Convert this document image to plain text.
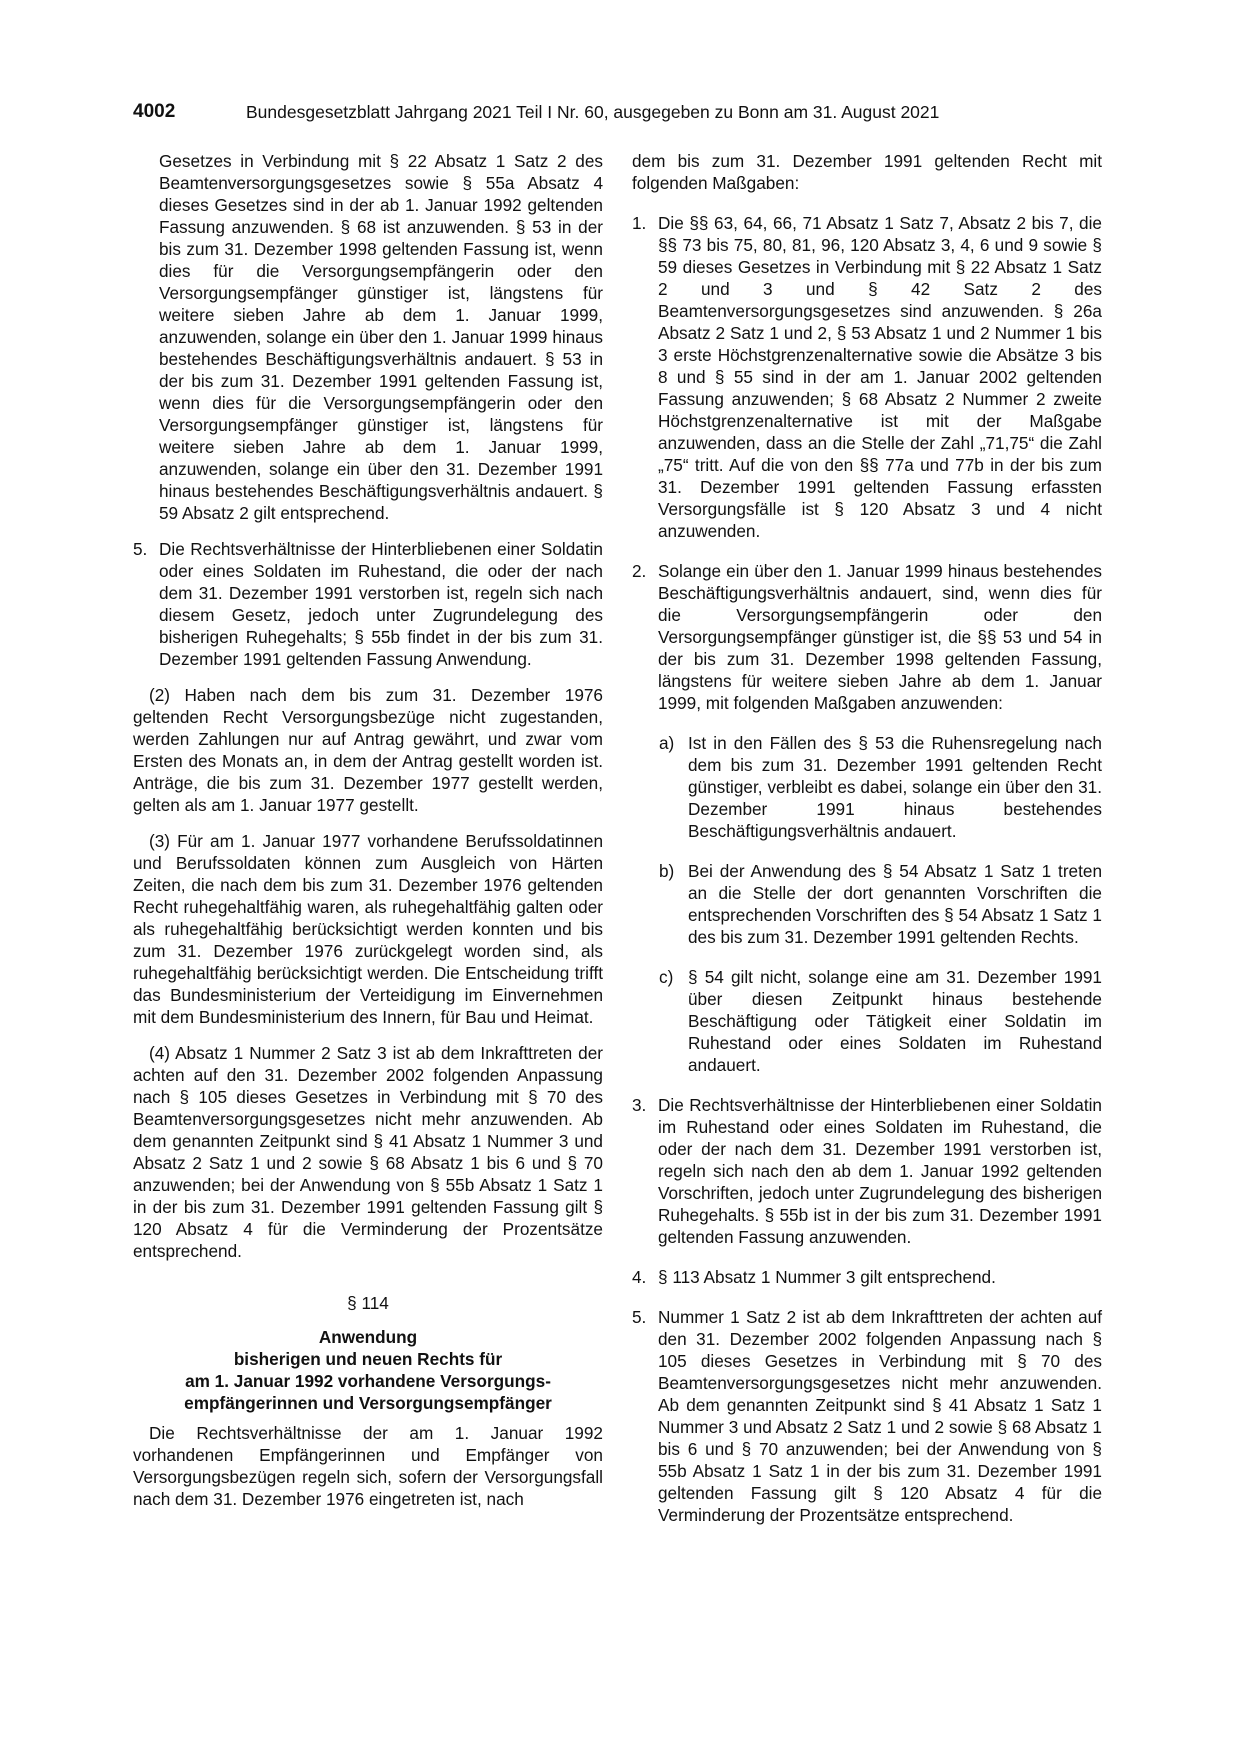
4002	Bundesgesetzblatt Jahrgang 2021 Teil I Nr. 60, ausgegeben zu Bonn am 31. August 2021

Gesetzes in Verbindung mit § 22 Absatz 1 Satz 2 des Beamtenversorgungsgesetzes sowie § 55a Absatz 4 dieses Gesetzes sind in der ab 1. Januar 1992 geltenden Fassung anzuwenden. § 68 ist anzuwenden. § 53 in der bis zum 31. Dezember 1998 geltenden Fassung ist, wenn dies für die Versorgungsempfängerin oder den Versorgungsempfänger günstiger ist, längstens für weitere sieben Jahre ab dem 1. Januar 1999, anzuwenden, solange ein über den 1. Januar 1999 hinaus bestehendes Beschäftigungsverhältnis andauert. § 53 in der bis zum 31. Dezember 1991 geltenden Fassung ist, wenn dies für die Versorgungsempfängerin oder den Versorgungsempfänger günstiger ist, längstens für weitere sieben Jahre ab dem 1. Januar 1999, anzuwenden, solange ein über den 31. Dezember 1991 hinaus bestehendes Beschäftigungsverhältnis andauert. § 59 Absatz 2 gilt entsprechend.

5. Die Rechtsverhältnisse der Hinterbliebenen einer Soldatin oder eines Soldaten im Ruhestand, die oder der nach dem 31. Dezember 1991 verstorben ist, regeln sich nach diesem Gesetz, jedoch unter Zugrundelegung des bisherigen Ruhegehalts; § 55b findet in der bis zum 31. Dezember 1991 geltenden Fassung Anwendung.

(2) Haben nach dem bis zum 31. Dezember 1976 geltenden Recht Versorgungsbezüge nicht zugestanden, werden Zahlungen nur auf Antrag gewährt, und zwar vom Ersten des Monats an, in dem der Antrag gestellt worden ist. Anträge, die bis zum 31. Dezember 1977 gestellt werden, gelten als am 1. Januar 1977 gestellt.

(3) Für am 1. Januar 1977 vorhandene Berufssoldatinnen und Berufssoldaten können zum Ausgleich von Härten Zeiten, die nach dem bis zum 31. Dezember 1976 geltenden Recht ruhegehaltfähig waren, als ruhegehaltfähig galten oder als ruhegehaltfähig berücksichtigt werden konnten und bis zum 31. Dezember 1976 zurückgelegt worden sind, als ruhegehaltfähig berücksichtigt werden. Die Entscheidung trifft das Bundesministerium der Verteidigung im Einvernehmen mit dem Bundesministerium des Innern, für Bau und Heimat.

(4) Absatz 1 Nummer 2 Satz 3 ist ab dem Inkrafttreten der achten auf den 31. Dezember 2002 folgenden Anpassung nach § 105 dieses Gesetzes in Verbindung mit § 70 des Beamtenversorgungsgesetzes nicht mehr anzuwenden. Ab dem genannten Zeitpunkt sind § 41 Absatz 1 Nummer 3 und Absatz 2 Satz 1 und 2 sowie § 68 Absatz 1 bis 6 und § 70 anzuwenden; bei der Anwendung von § 55b Absatz 1 Satz 1 in der bis zum 31. Dezember 1991 geltenden Fassung gilt § 120 Absatz 4 für die Verminderung der Prozentsätze entsprechend.

§ 114
Anwendung
bisherigen und neuen Rechts für
am 1. Januar 1992 vorhandene Versorgungs-
empfängerinnen und Versorgungsempfänger

Die Rechtsverhältnisse der am 1. Januar 1992 vorhandenen Empfängerinnen und Empfänger von Versorgungsbezügen regeln sich, sofern der Versorgungsfall nach dem 31. Dezember 1976 eingetreten ist, nach

dem bis zum 31. Dezember 1991 geltenden Recht mit folgenden Maßgaben:

1. Die §§ 63, 64, 66, 71 Absatz 1 Satz 7, Absatz 2 bis 7, die §§ 73 bis 75, 80, 81, 96, 120 Absatz 3, 4, 6 und 9 sowie § 59 dieses Gesetzes in Verbindung mit § 22 Absatz 1 Satz 2 und 3 und § 42 Satz 2 des Beamtenversorgungsgesetzes sind anzuwenden. § 26a Absatz 2 Satz 1 und 2, § 53 Absatz 1 und 2 Nummer 1 bis 3 erste Höchstgrenzenalternative sowie die Absätze 3 bis 8 und § 55 sind in der am 1. Januar 2002 geltenden Fassung anzuwenden; § 68 Absatz 2 Nummer 2 zweite Höchstgrenzenalternative ist mit der Maßgabe anzuwenden, dass an die Stelle der Zahl „71,75“ die Zahl „75“ tritt. Auf die von den §§ 77a und 77b in der bis zum 31. Dezember 1991 geltenden Fassung erfassten Versorgungsfälle ist § 120 Absatz 3 und 4 nicht anzuwenden.

2. Solange ein über den 1. Januar 1999 hinaus bestehendes Beschäftigungsverhältnis andauert, sind, wenn dies für die Versorgungsempfängerin oder den Versorgungsempfänger günstiger ist, die §§ 53 und 54 in der bis zum 31. Dezember 1998 geltenden Fassung, längstens für weitere sieben Jahre ab dem 1. Januar 1999, mit folgenden Maßgaben anzuwenden:

a) Ist in den Fällen des § 53 die Ruhensregelung nach dem bis zum 31. Dezember 1991 geltenden Recht günstiger, verbleibt es dabei, solange ein über den 31. Dezember 1991 hinaus bestehendes Beschäftigungsverhältnis andauert.

b) Bei der Anwendung des § 54 Absatz 1 Satz 1 treten an die Stelle der dort genannten Vorschriften die entsprechenden Vorschriften des § 54 Absatz 1 Satz 1 des bis zum 31. Dezember 1991 geltenden Rechts.

c) § 54 gilt nicht, solange eine am 31. Dezember 1991 über diesen Zeitpunkt hinaus bestehende Beschäftigung oder Tätigkeit einer Soldatin im Ruhestand oder eines Soldaten im Ruhestand andauert.

3. Die Rechtsverhältnisse der Hinterbliebenen einer Soldatin im Ruhestand oder eines Soldaten im Ruhestand, die oder der nach dem 31. Dezember 1991 verstorben ist, regeln sich nach den ab dem 1. Januar 1992 geltenden Vorschriften, jedoch unter Zugrundelegung des bisherigen Ruhegehalts. § 55b ist in der bis zum 31. Dezember 1991 geltenden Fassung anzuwenden.

4. § 113 Absatz 1 Nummer 3 gilt entsprechend.

5. Nummer 1 Satz 2 ist ab dem Inkrafttreten der achten auf den 31. Dezember 2002 folgenden Anpassung nach § 105 dieses Gesetzes in Verbindung mit § 70 des Beamtenversorgungsgesetzes nicht mehr anzuwenden. Ab dem genannten Zeitpunkt sind § 41 Absatz 1 Satz 1 Nummer 3 und Absatz 2 Satz 1 und 2 sowie § 68 Absatz 1 bis 6 und § 70 anzuwenden; bei der Anwendung von § 55b Absatz 1 Satz 1 in der bis zum 31. Dezember 1991 geltenden Fassung gilt § 120 Absatz 4 für die Verminderung der Prozentsätze entsprechend.
